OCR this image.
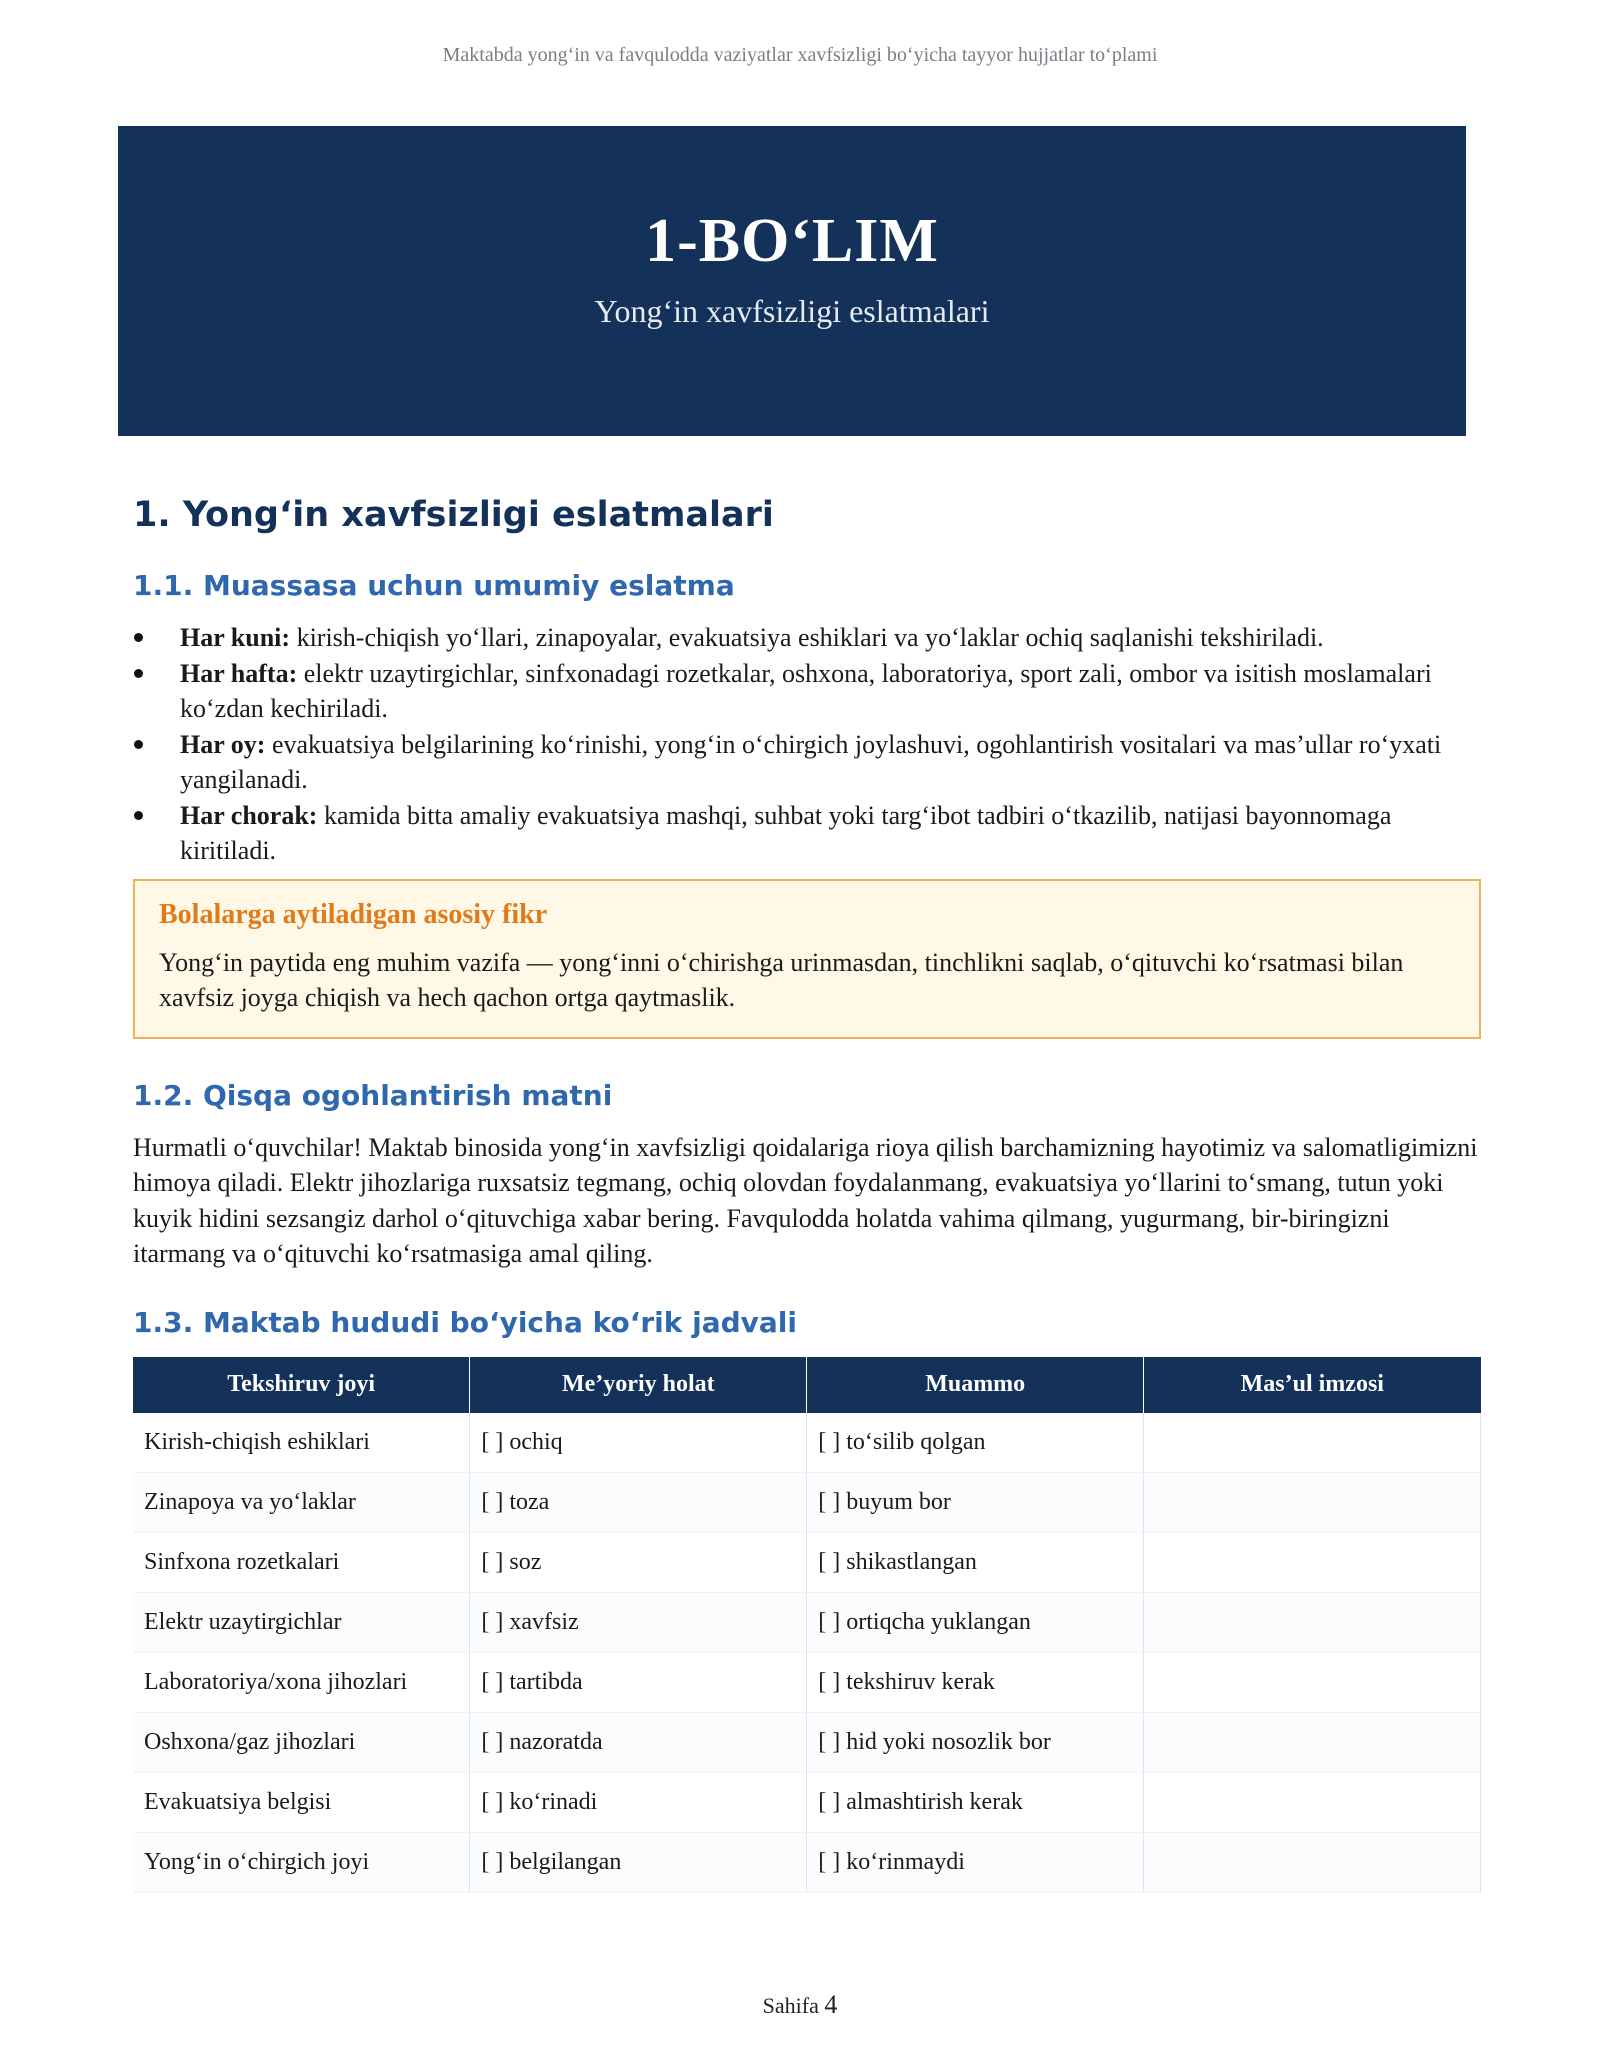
Maktabda yong‘in va favqulodda vaziyatlar xavfsizligi bo‘yicha tayyor hujjatlar to‘plami
1-BO‘LIM
Yong‘in xavfsizligi eslatmalari
1. Yong‘in xavfsizligi eslatmalari
1.1. Muassasa uchun umumiy eslatma
Har kuni: kirish-chiqish yo‘llari, zinapoyalar, evakuatsiya eshiklari va yo‘laklar ochiq saqlanishi tekshiriladi.
Har hafta: elektr uzaytirgichlar, sinfxonadagi rozetkalar, oshxona, laboratoriya, sport zali, ombor va isitish moslamalari ko‘zdan kechiriladi.
Har oy: evakuatsiya belgilarining ko‘rinishi, yong‘in o‘chirgich joylashuvi, ogohlantirish vositalari va mas’ullar ro‘yxati yangilanadi.
Har chorak: kamida bitta amaliy evakuatsiya mashqi, suhbat yoki targ‘ibot tadbiri o‘tkazilib, natijasi bayonnomaga kiritiladi.
Bolalarga aytiladigan asosiy fikr
Yong‘in paytida eng muhim vazifa — yong‘inni o‘chirishga urinmasdan, tinchlikni saqlab, o‘qituvchi ko‘rsatmasi bilan xavfsiz joyga chiqish va hech qachon ortga qaytmaslik.
1.2. Qisqa ogohlantirish matni

Hurmatli o‘quvchilar! Maktab binosida yong‘in xavfsizligi qoidalariga rioya qilish barchamizning hayotimiz va salomatligimizni himoya qiladi. Elektr jihozlariga ruxsatsiz tegmang, ochiq olovdan foydalanmang, evakuatsiya yo‘llarini to‘smang, tutun yoki kuyik hidini sezsangiz darhol o‘qituvchiga xabar bering. Favqulodda holatda vahima qilmang, yugurmang, bir-biringizni itarmang va o‘qituvchi ko‘rsatmasiga amal qiling.

1.3. Maktab hududi bo‘yicha ko‘rik jadvali
Tekshiruv joyi	Me’yoriy holat	Muammo	Mas’ul imzosi
Kirish-chiqish eshiklari	[ ] ochiq	[ ] to‘silib qolgan	
Zinapoya va yo‘laklar	[ ] toza	[ ] buyum bor	
Sinfxona rozetkalari	[ ] soz	[ ] shikastlangan	
Elektr uzaytirgichlar	[ ] xavfsiz	[ ] ortiqcha yuklangan	
Laboratoriya/xona jihozlari	[ ] tartibda	[ ] tekshiruv kerak	
Oshxona/gaz jihozlari	[ ] nazoratda	[ ] hid yoki nosozlik bor	
Evakuatsiya belgisi	[ ] ko‘rinadi	[ ] almashtirish kerak	
Yong‘in o‘chirgich joyi	[ ] belgilangan	[ ] ko‘rinmaydi	
Sahifa 4
